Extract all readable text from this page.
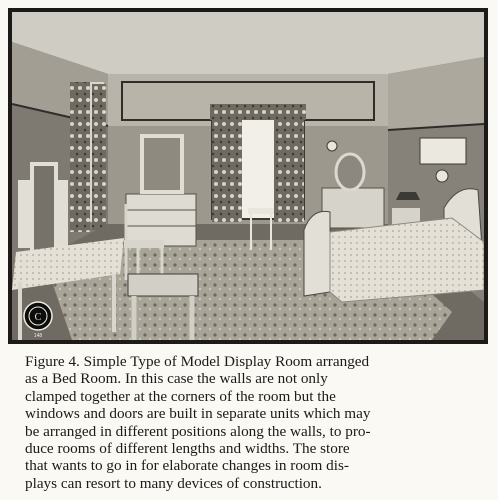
C
148
Figure 4. Simple Type of Model Display Room arranged
as a Bed Room. In this case the walls are not only
clamped together at the corners of the room but the
windows and doors are built in separate units which may
be arranged in different positions along the walls, to pro-
duce rooms of different lengths and widths. The store
that wants to go in for elaborate changes in room dis-
plays can resort to many devices of construction.
